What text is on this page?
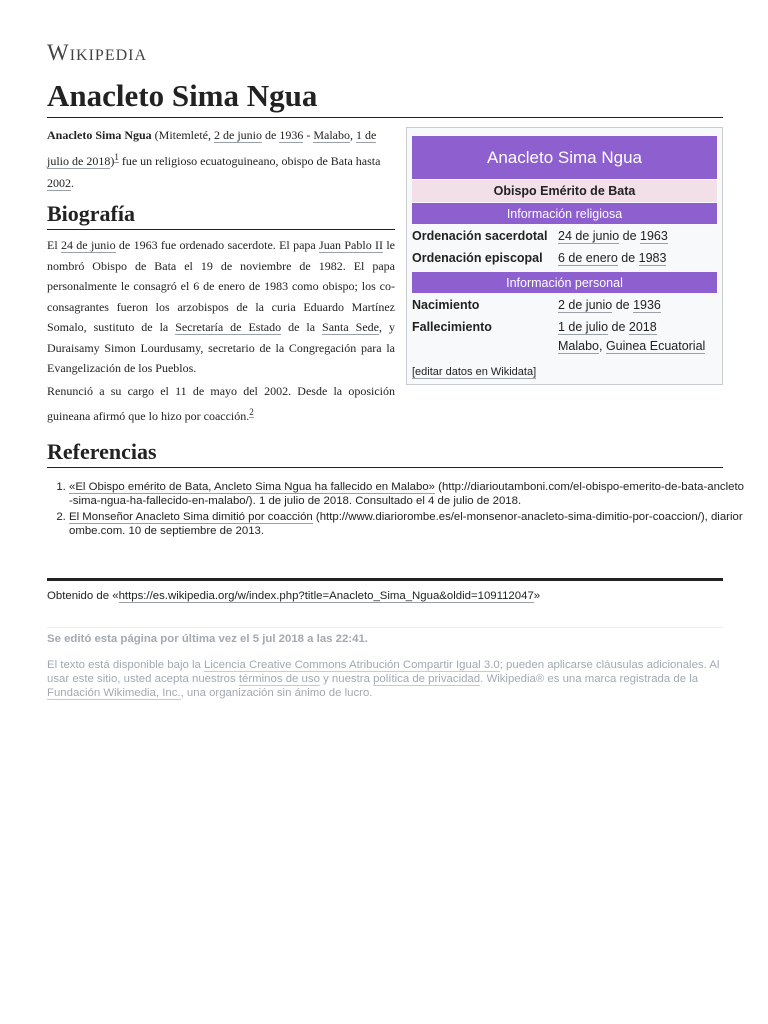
Wikipedia
Anacleto Sima Ngua
Anacleto Sima Ngua (Mitemleté, 2 de junio de 1936 - Malabo, 1 de julio de 2018)$^1$ fue un religioso ecuatoguineano, obispo de Bata hasta 2002.
Biografía
El 24 de junio de 1963 fue ordenado sacerdote. El papa Juan Pablo II le nombró Obispo de Bata el 19 de noviembre de 1982. El papa personalmente le consagró el 6 de enero de 1983 como obispo; los co-consagrantes fueron los arzobispos de la curia Eduardo Martínez Somalo, sustituto de la Secretaría de Estado de la Santa Sede, y Duraisamy Simon Lourdusamy, secretario de la Congregación para la Evangelización de los Pueblos.
Renunció a su cargo el 11 de mayo del 2002. Desde la oposición guineana afirmó que lo hizo por coacción.$^2$
Anacleto Sima Ngua
Obispo Emérito de Bata
Información religiosa
Ordenación sacerdotal 24 de junio de 1963
Ordenación episcopal	6 de enero de 1983
Información personal
Nacimiento	2 de junio de 1936
Fallecimiento	1 de julio de 2018
Malabo, Guinea Ecuatorial
[editar datos en Wikidata]
Referencias
1. «El Obispo emérito de Bata, Ancleto Sima Ngua ha fallecido en Malabo» (http://diarioutamboni.com/el-obispo-emerito-de-bata-ancleto-sima-ngua-ha-fallecido-en-malabo/). 1 de julio de 2018. Consultado el 4 de julio de 2018.
2. El Monseñor Anacleto Sima dimitió por coacción (http://www.diariorombe.es/el-monsenor-anacleto-sima-dimitio-por-coaccion/), diariorombe.com. 10 de septiembre de 2013.
Obtenido de «https://es.wikipedia.org/w/index.php?title=Anacleto_Sima_Ngua&oldid=109112047»
Se editó esta página por última vez el 5 jul 2018 a las 22:41.
El texto está disponible bajo la Licencia Creative Commons Atribución Compartir Igual 3.0; pueden aplicarse cláusulas adicionales. Al usar este sitio, usted acepta nuestros términos de uso y nuestra política de privacidad. Wikipedia® es una marca registrada de la Fundación Wikimedia, Inc., una organización sin ánimo de lucro.
